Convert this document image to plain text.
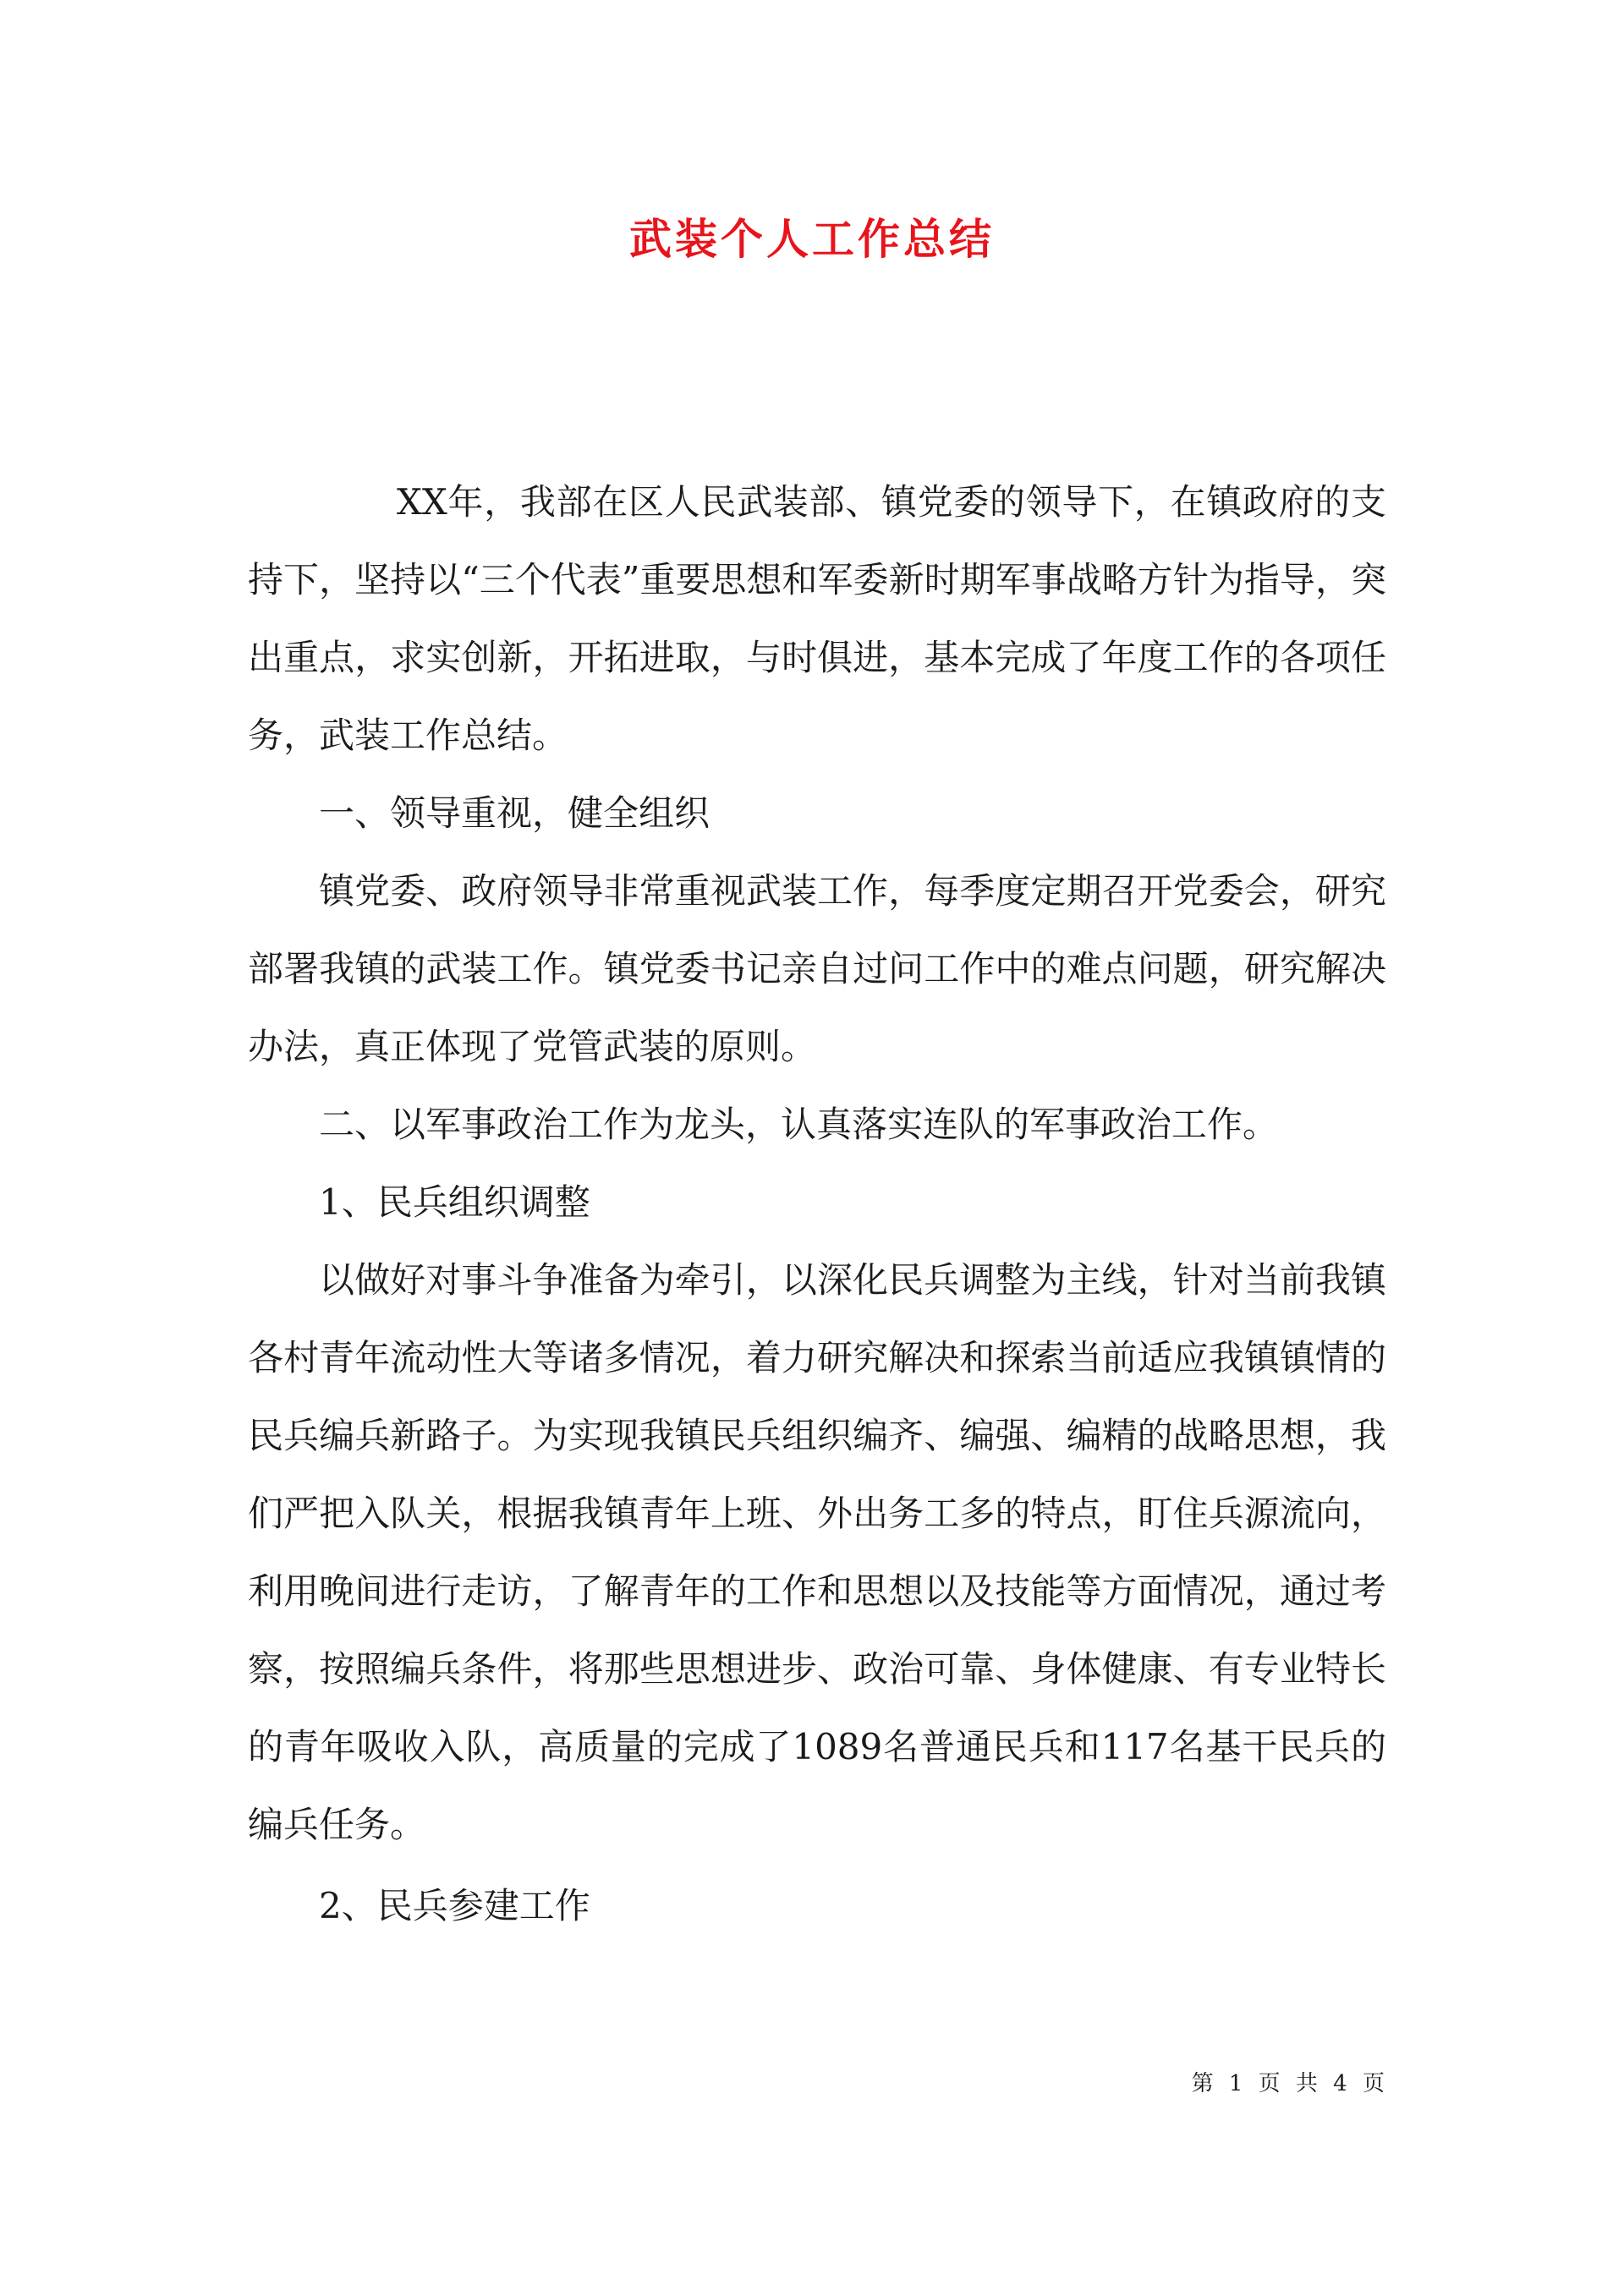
武装个人工作总结

XX年，我部在区人民武装部、镇党委的领导下，在镇政府的支持下，坚持以“三个代表”重要思想和军委新时期军事战略方针为指导，突出重点，求实创新，开拓进取，与时俱进，基本完成了年度工作的各项任务，武装工作总结。

一、领导重视，健全组织

镇党委、政府领导非常重视武装工作，每季度定期召开党委会，研究部署我镇的武装工作。镇党委书记亲自过问工作中的难点问题，研究解决办法，真正体现了党管武装的原则。

二、以军事政治工作为龙头，认真落实连队的军事政治工作。

1、民兵组织调整

以做好对事斗争准备为牵引，以深化民兵调整为主线，针对当前我镇各村青年流动性大等诸多情况，着力研究解决和探索当前适应我镇镇情的民兵编兵新路子。为实现我镇民兵组织编齐、编强、编精的战略思想，我们严把入队关，根据我镇青年上班、外出务工多的特点，盯住兵源流向，利用晚间进行走访，了解青年的工作和思想以及技能等方面情况，通过考察，按照编兵条件，将那些思想进步、政治可靠、身体健康、有专业特长的青年吸收入队，高质量的完成了1089名普通民兵和117名基干民兵的编兵任务。

2、民兵参建工作

第 1 页 共 4 页
